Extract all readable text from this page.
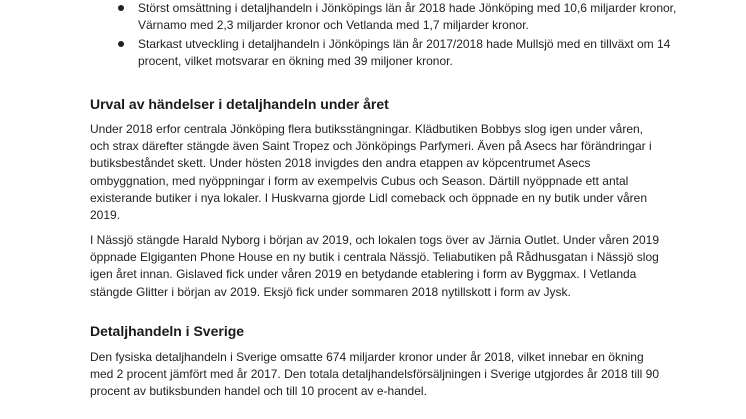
Störst omsättning i detaljhandeln i Jönköpings län år 2018 hade Jönköping med 10,6 miljarder kronor, Värnamo med 2,3 miljarder kronor och Vetlanda med 1,7 miljarder kronor.
Starkast utveckling i detaljhandeln i Jönköpings län år 2017/2018 hade Mullsjö med en tillväxt om 14 procent, vilket motsvarar en ökning med 39 miljoner kronor.
Urval av händelser i detaljhandeln under året

Under 2018 erfor centrala Jönköping flera butiksstängningar. Klädbutiken Bobbys slog igen under våren, och strax därefter stängde även Saint Tropez och Jönköpings Parfymeri. Även på Asecs har förändringar i butiksbeståndet skett. Under hösten 2018 invigdes den andra etappen av köpcentrumet Asecs ombyggnation, med nyöppningar i form av exempelvis Cubus och Season. Därtill nyöppnade ett antal existerande butiker i nya lokaler. I Huskvarna gjorde Lidl comeback och öppnade en ny butik under våren 2019.

I Nässjö stängde Harald Nyborg i början av 2019, och lokalen togs över av Järnia Outlet. Under våren 2019 öppnade Elgiganten Phone House en ny butik i centrala Nässjö. Teliabutiken på Rådhusgatan i Nässjö slog igen året innan. Gislaved fick under våren 2019 en betydande etablering i form av Byggmax. I Vetlanda stängde Glitter i början av 2019. Eksjö fick under sommaren 2018 nytillskott i form av Jysk.

Detaljhandeln i Sverige

Den fysiska detaljhandeln i Sverige omsatte 674 miljarder kronor under år 2018, vilket innebar en ökning med 2 procent jämfört med år 2017. Den totala detaljhandelsförsäljningen i Sverige utgjordes år 2018 till 90 procent av butiksbunden handel och till 10 procent av e-handel.
